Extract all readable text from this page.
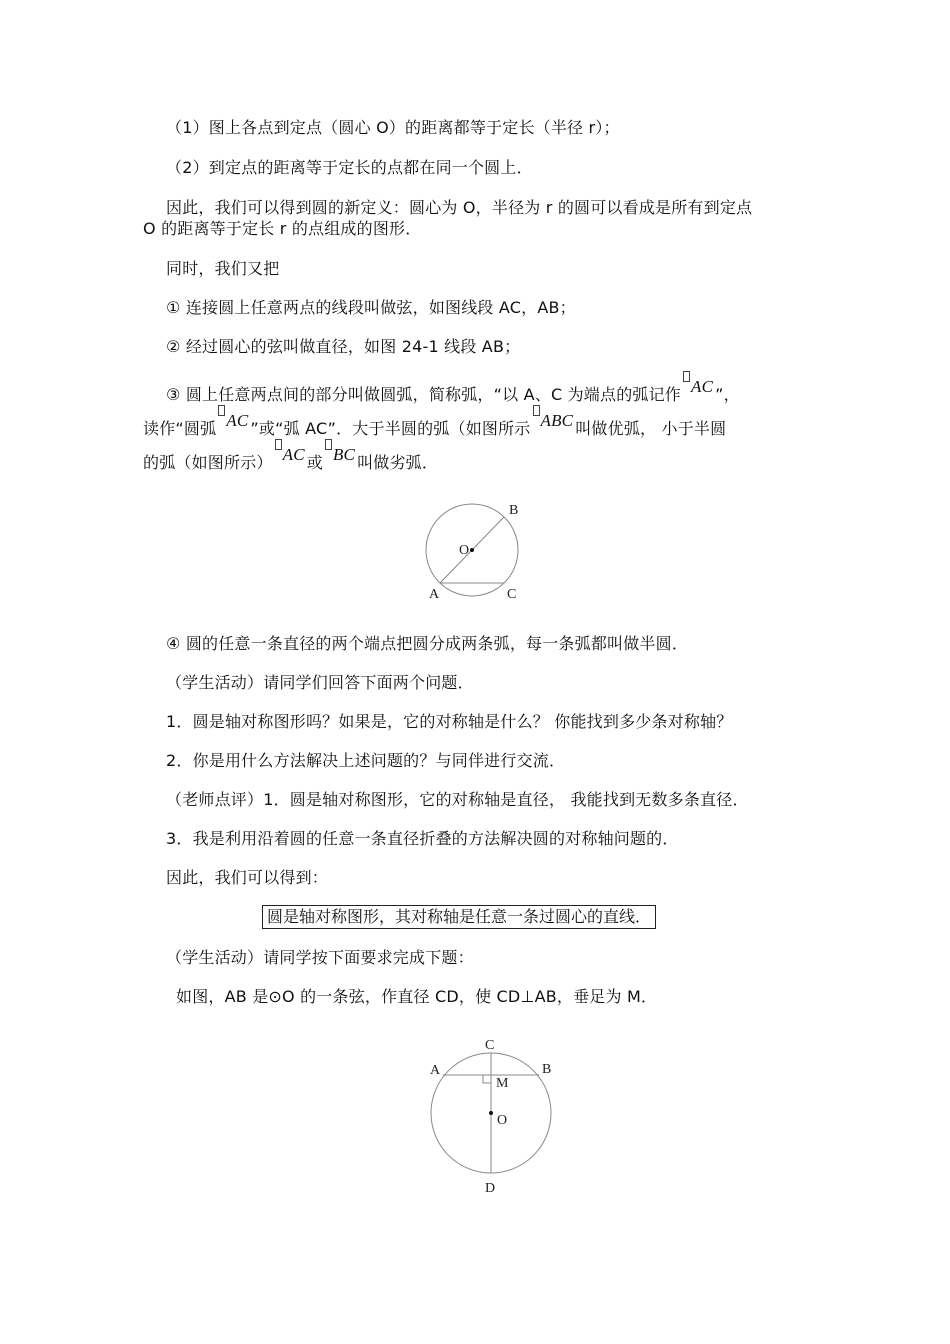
（1）图上各点到定点（圆心 O）的距离都等于定长（半径 r）；
（2）到定点的距离等于定长的点都在同一个圆上．
因此，我们可以得到圆的新定义：圆心为 O，半径为 r 的圆可以看成是所有到定点
O 的距离等于定长 r 的点组成的图形．
同时，我们又把
① 连接圆上任意两点的线段叫做弦，如图线段 AC，AB；
② 经过圆心的弦叫做直径，如图 24-1 线段 AB；
③ 圆上任意两点间的部分叫做圆弧，简称弧，“以 A、C 为端点的弧记作 AC ”，
读作“圆弧 AC ”或“弧 AC”．大于半圆的弧（如图所示 ABC 叫做优弧， 小于半圆
的弧（如图所示） AC 或 BC 叫做劣弧．
B
O
A	C
④ 圆的任意一条直径的两个端点把圆分成两条弧，每一条弧都叫做半圆．
（学生活动）请同学们回答下面两个问题．
1．圆是轴对称图形吗？如果是，它的对称轴是什么？ 你能找到多少条对称轴？
2．你是用什么方法解决上述问题的？与同伴进行交流．
（老师点评）1．圆是轴对称图形，它的对称轴是直径， 我能找到无数多条直径．
3．我是利用沿着圆的任意一条直径折叠的方法解决圆的对称轴问题的．
因此，我们可以得到：
圆是轴对称图形，其对称轴是任意一条过圆心的直线．
（学生活动）请同学按下面要求完成下题：
如图，AB 是⊙O 的一条弦，作直径 CD，使 CD⊥AB，垂足为 M．
C
A	B
M
O
D
